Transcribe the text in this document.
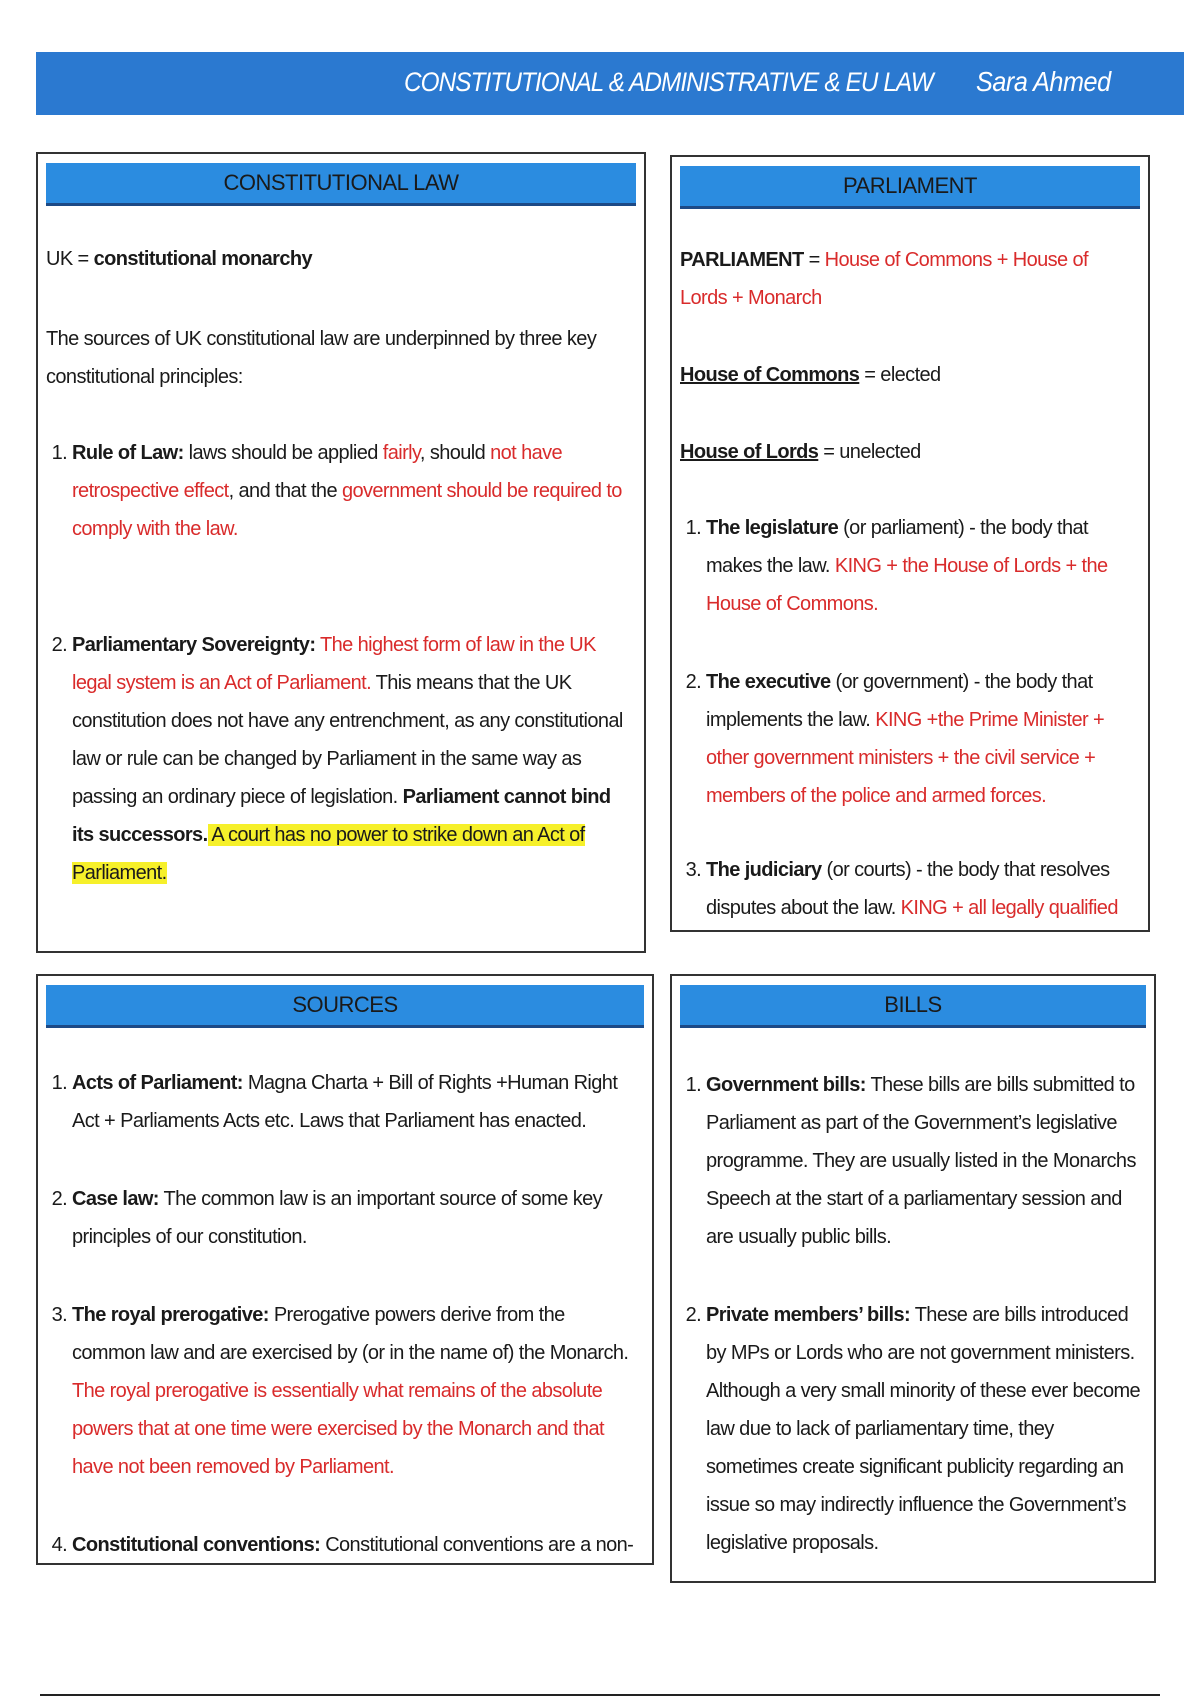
CONSTITUTIONAL & ADMINISTRATIVE & EU LAW Sara Ahmed
CONSTITUTIONAL LAW

UK = constitutional monarchy

The sources of UK constitutional law are underpinned by three key constitutional principles:

1. Rule of Law: laws should be applied fairly, should not have retrospective effect, and that the government should be required to comply with the law.
2. Parliamentary Sovereignty: The highest form of law in the UK legal system is an Act of Parliament. This means that the UK constitution does not have any entrenchment, as any constitutional law or rule can be changed by Parliament in the same way as passing an ordinary piece of legislation. Parliament cannot bind its successors. A court has no power to strike down an Act of Parliament.
PARLIAMENT

PARLIAMENT = House of Commons + House of Lords + Monarch

House of Commons = elected

House of Lords = unelected

1. The legislature (or parliament) - the body that makes the law. KING + the House of Lords + the House of Commons.
2. The executive (or government) - the body that implements the law. KING +the Prime Minister + other government ministers + the civil service + members of the police and armed forces.
3. The judiciary (or courts) - the body that resolves disputes about the law. KING + all legally qualified
SOURCES
1. Acts of Parliament: Magna Charta + Bill of Rights +Human Right Act + Parliaments Acts etc. Laws that Parliament has enacted.
2. Case law: The common law is an important source of some key principles of our constitution.
3. The royal prerogative: Prerogative powers derive from the common law and are exercised by (or in the name of) the Monarch. The royal prerogative is essentially what remains of the absolute powers that at one time were exercised by the Monarch and that have not been removed by Parliament.
4. Constitutional conventions: Constitutional conventions are a non-
BILLS
1. Government bills: These bills are bills submitted to Parliament as part of the Government’s legislative programme. They are usually listed in the Monarchs Speech at the start of a parliamentary session and are usually public bills.
2. Private members’ bills: These are bills introduced by MPs or Lords who are not government ministers. Although a very small minority of these ever become law due to lack of parliamentary time, they sometimes create significant publicity regarding an issue so may indirectly influence the Government’s legislative proposals.
